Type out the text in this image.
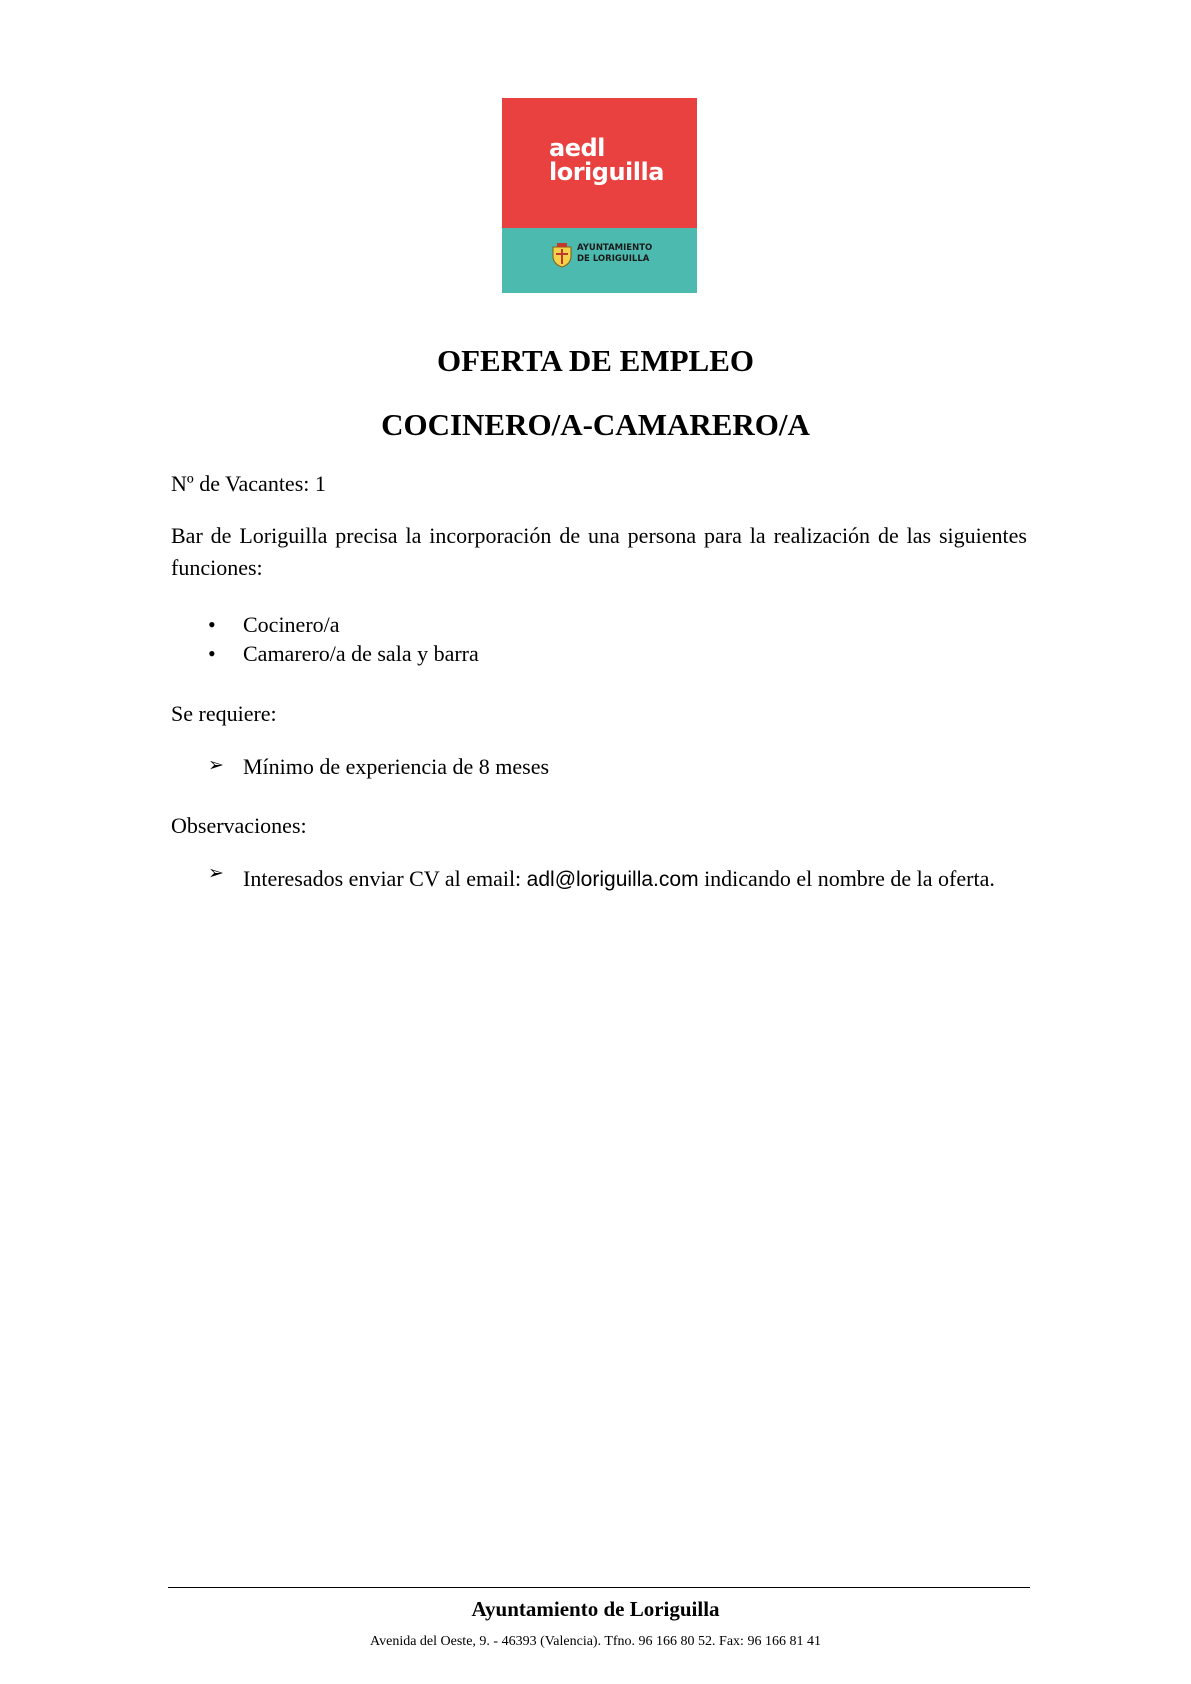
aedl
loriguilla
AYUNTAMIENTO
DE LORIGUILLA
OFERTA DE EMPLEO
COCINERO/A-CAMARERO/A
Nº de Vacantes: 1
Bar de Loriguilla precisa la incorporación de una persona para la realización de las siguientes funciones:
• Cocinero/a
• Camarero/a de sala y barra
Se requiere:
➢ Mínimo de experiencia de 8 meses
Observaciones:
➢ Interesados enviar CV al email: adl@loriguilla.com indicando el nombre de la oferta.
Ayuntamiento de Loriguilla
Avenida del Oeste, 9. - 46393 (Valencia). Tfno. 96 166 80 52. Fax: 96 166 81 41
